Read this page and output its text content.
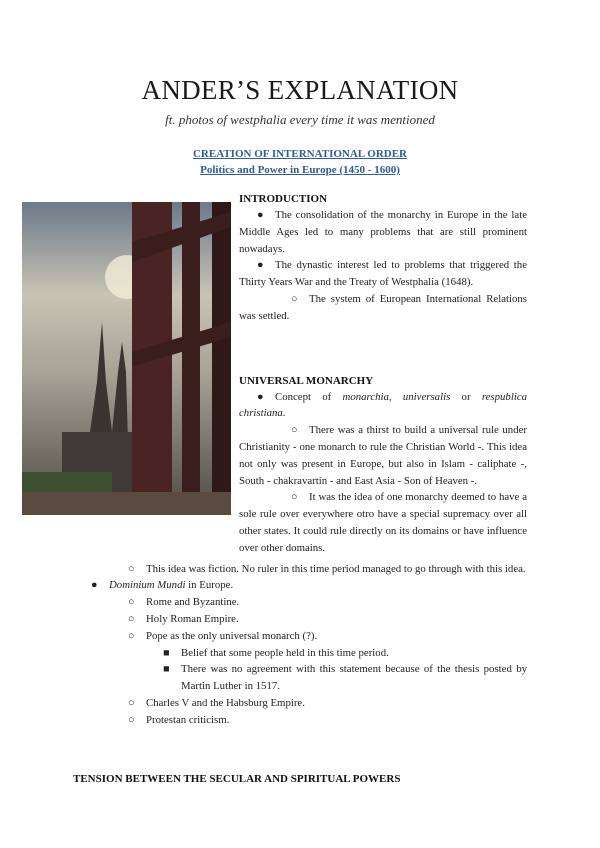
ANDER’S EXPLANATION
ft. photos of westphalia every time it was mentioned
CREATION OF INTERNATIONAL ORDER
Politics and Power in Europe (1450 - 1600)
INTRODUCTION

● The consolidation of the monarchy in Europe in the late Middle Ages led to many problems that are still prominent nowadays.

● The dynastic interest led to problems that triggered the Thirty Years War and the Treaty of Westphalia (1648).

○ The system of European International Relations was settled.

UNIVERSAL MONARCHY

● Concept of monarchia, universalis or respublica christiana.

○ There was a thirst to build a universal rule under Christianity - one monarch to rule the Christian World -. This idea not only was present in Europe, but also in Islam - caliphate -, South - chakravartin - and East Asia - Son of Heaven -.

○ It was the idea of one monarchy deemed to have a sole rule over everywhere otro have a special supremacy over all other states. It could rule directly on its domains or have influence over other domains.

○	This idea was fiction. No ruler in this time period managed to go through with this idea.
●	Dominium Mundi in Europe.
○	Rome and Byzantine.
○	Holy Roman Empire.
○	Pope as the only universal monarch (?).
■	Belief that some people held in this time period.
■	There was no agreement with this statement because of the thesis posted by Martin Luther in 1517.
○	Charles V and the Habsburg Empire.
○	Protestan criticism.
TENSION BETWEEN THE SECULAR AND SPIRITUAL POWERS
